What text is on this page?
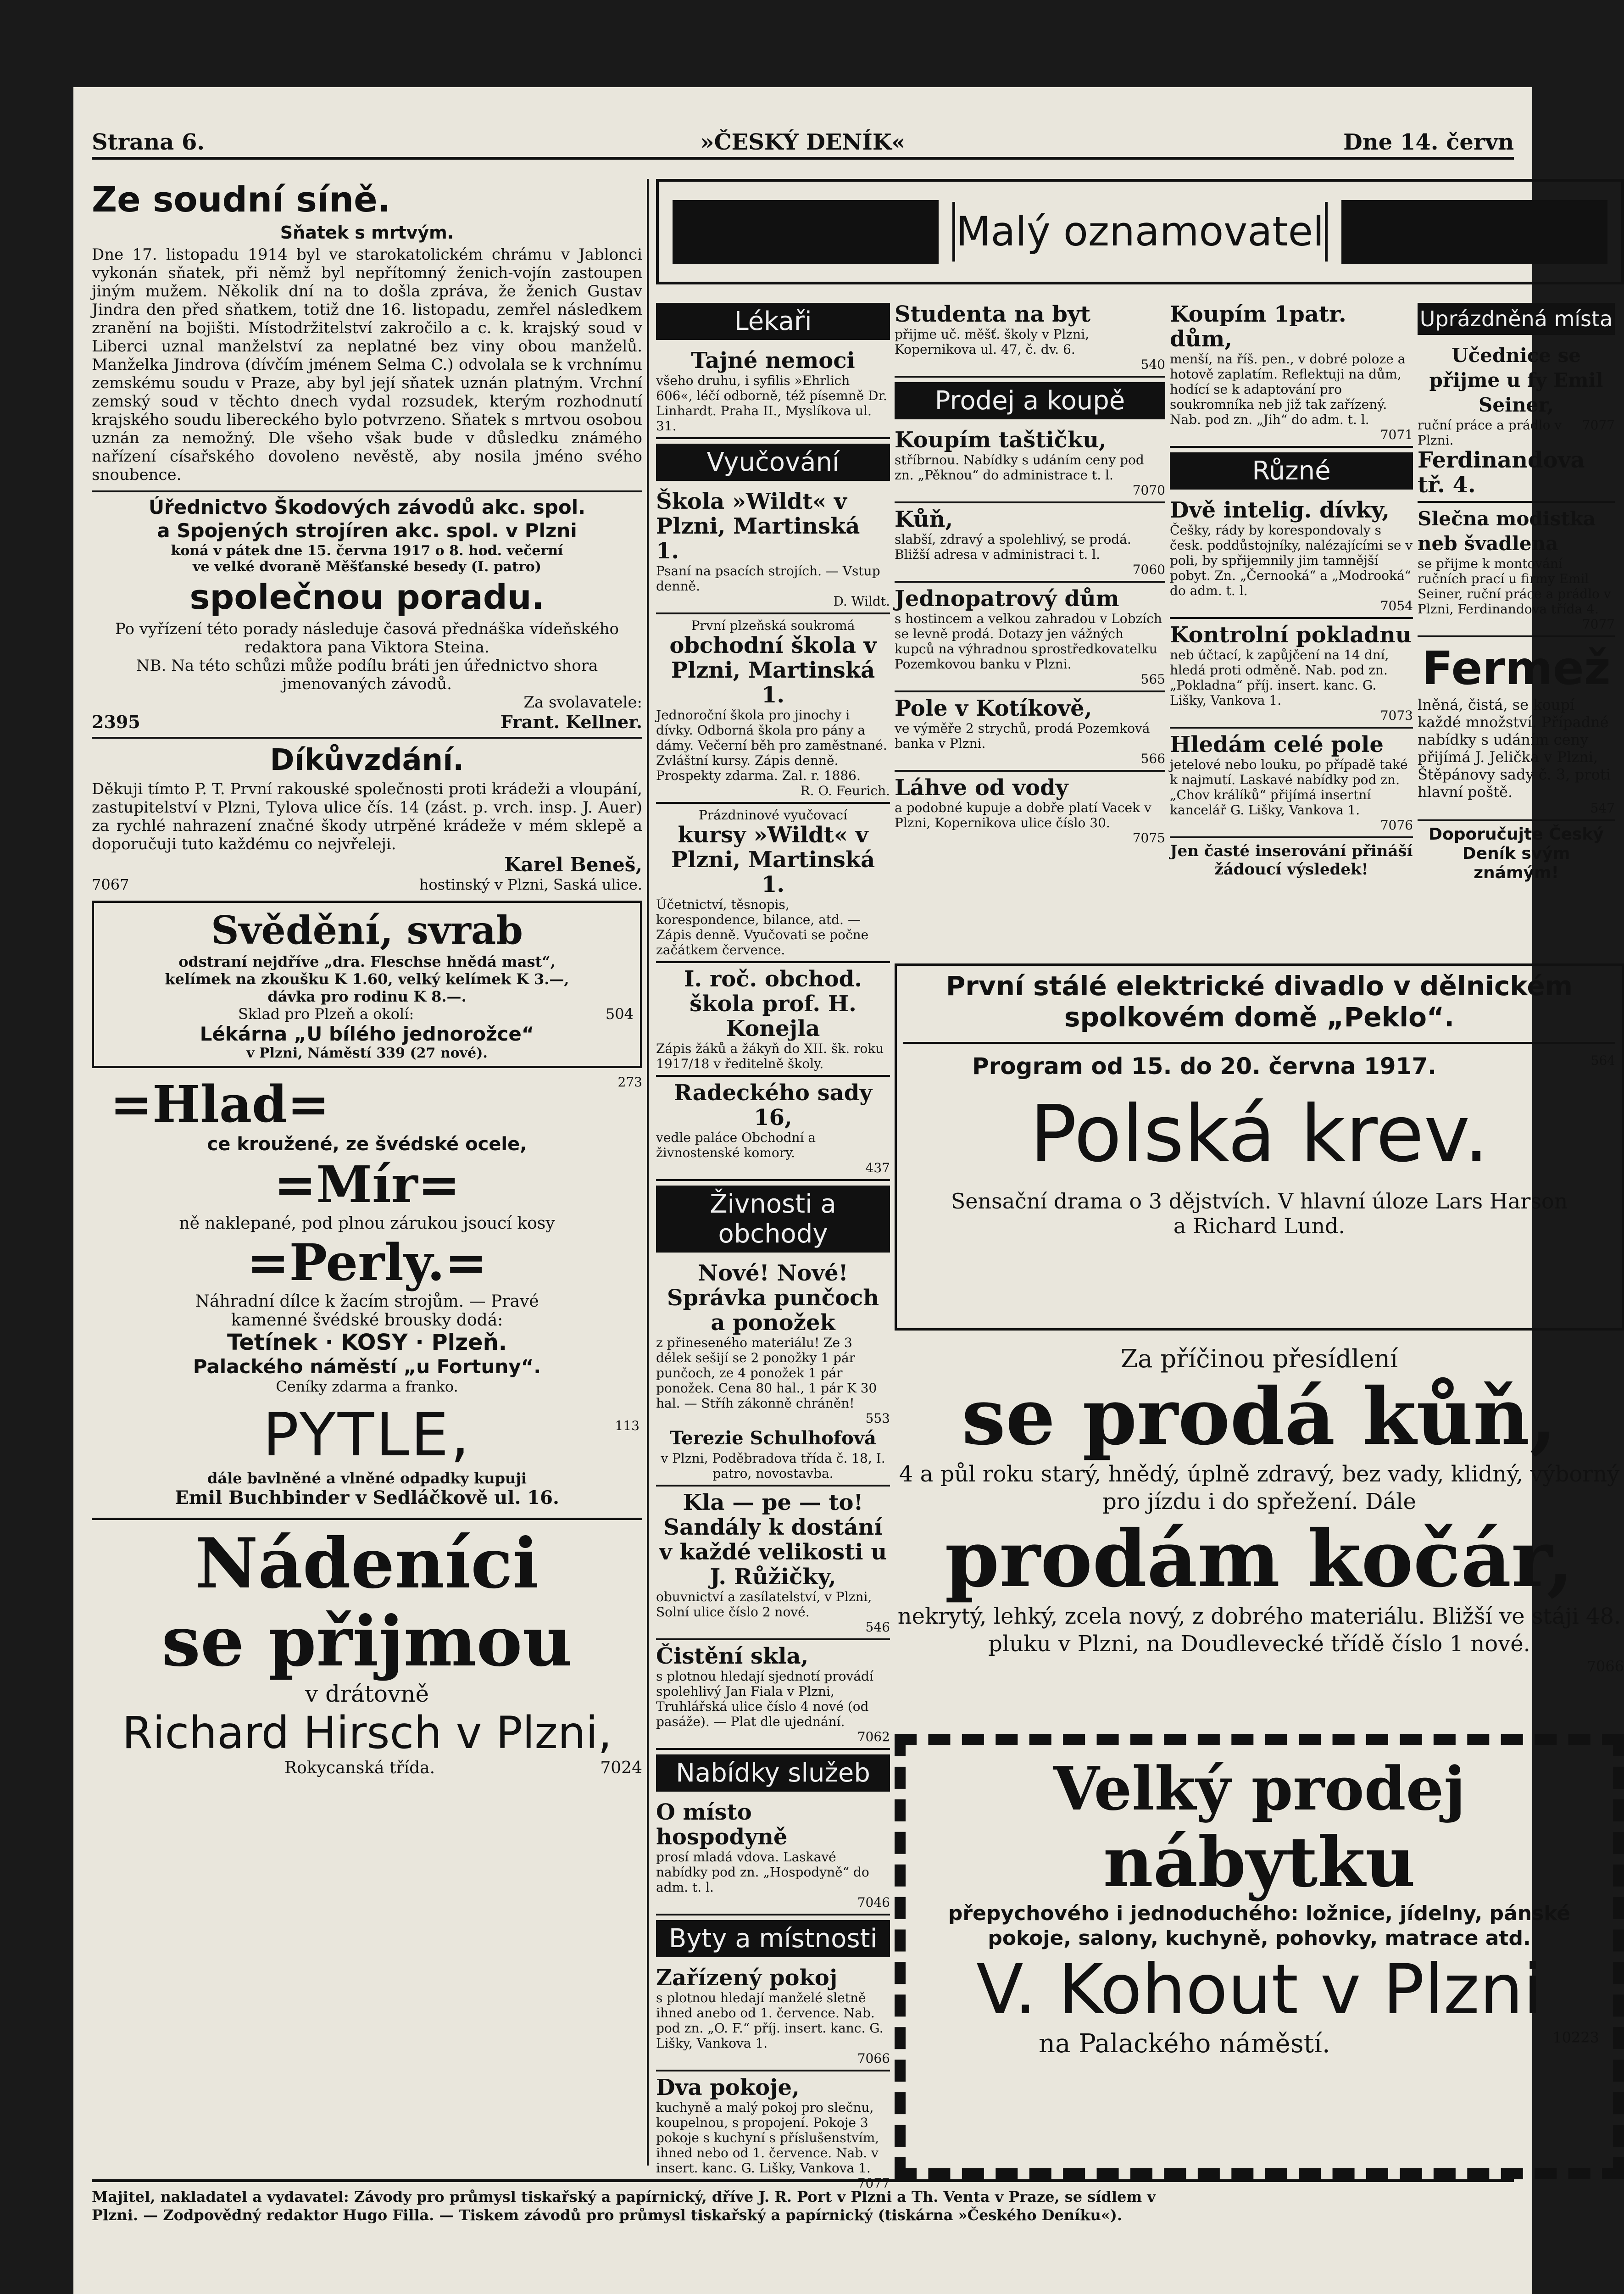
Strana 6.	»ČESKÝ DENÍK«	Dne 14. červn

Ze soudní síně.

Sňatek s mrtvým.

Dne 17. listopadu 1914 byl ve starokatolickém chrámu v Jablonci vykonán sňatek, při němž byl nepřítomný ženich-vojín zastoupen jiným mužem. Několik dní na to došla zpráva, že ženich Gustav Jindra den před sňatkem, totiž dne 16. listopadu, zemřel následkem zranění na bojišti. Místodržitelství zakročilo a c. k. krajský soud v Liberci uznal manželství za neplatné bez viny obou manželů. Manželka Jindrova (dívčím jménem Selma C.) odvolala se k vrchnímu zemskému soudu v Praze, aby byl její sňatek uznán platným. Vrchní zemský soud v těchto dnech vydal rozsudek, kterým rozhodnutí krajského soudu libereckého bylo potvrzeno. Sňatek s mrtvou osobou uznán za nemožný. Dle všeho však bude v důsledku známého nařízení císařského dovoleno nevěstě, aby nosila jméno svého snoubence.

Úřednictvo Škodových závodů akc. spol.

a Spojených strojíren akc. spol. v Plzni

koná v pátek dne 15. června 1917 o 8. hod. večerní

ve velké dvoraně Měšťanské besedy (I. patro)

společnou poradu.

Po vyřízení této porady následuje časová přednáška vídeňského redaktora pana Viktora Steina.

NB. Na této schůzi může podílu bráti jen úřednictvo shora jmenovaných závodů.

Za svolavatele:

2395	Frant. Kellner.

Díkůvzdání.

Děkuji tímto P. T. První rakouské společnosti proti krádeži a vloupání, zastupitelství v Plzni, Tylova ulice čís. 14 (zást. p. vrch. insp. J. Auer) za rychlé nahrazení značné škody utrpěné krádeže v mém sklepě a doporučuji tuto každému co nejvřeleji.

Karel Beneš,

7067	hostinský v Plzni, Saská ulice.

Svědění, svrab

odstraní nejdříve „dra. Fleschse hnědá mast“,

kelímek na zkoušku K 1.60, velký kelímek K 3.—,

dávka pro rodinu K 8.—.

Sklad pro Plzeň a okolí:	504

Lékárna „U bílého jednorožce“

v Plzni, Náměstí 339 (27 nové).

=Hlad=	273

ce kroužené, ze švédské ocele,

=Mír=

ně naklepané, pod plnou zárukou jsoucí kosy

=Perly.=

Náhradní dílce k žacím strojům. — Pravé

kamenné švédské brousky dodá:

Tetínek · KOSY · Plzeň.

Palackého náměstí „u Fortuny“.

Ceníky zdarma a franko.

PYTLE,	113

dále bavlněné a vlněné odpadky kupuji

Emil Buchbinder v Sedláčkově ul. 16.

Nádeníci

se přijmou

v drátovně

Richard Hirsch v Plzni,

Rokycanská třída.	7024
Malý oznamovatel
Lékaři

Tajné nemoci

všeho druhu, i syfilis »Ehrlich 606«, léčí odborně, též písemně Dr. Linhardt. Praha II., Myslíkova ul. 31.

Vyučování

Škola »Wildt« v Plzni, Martinská 1.

Psaní na psacích strojích. — Vstup denně.

D. Wildt.

První plzeňská soukromá

obchodní škola v Plzni, Martinská 1.

Jednoroční škola pro jinochy i dívky. Odborná škola pro pány a dámy. Večerní běh pro zaměstnané. Zvláštní kursy. Zápis denně. Prospekty zdarma. Zal. r. 1886.

R. O. Feurich.

Prázdninové vyučovací

kursy »Wildt« v Plzni, Martinská 1.

Účetnictví, těsnopis, korespondence, bilance, atd. — Zápis denně. Vyučovati se počne začátkem července.

I. roč. obchod. škola prof. H. Konejla

Zápis žáků a žákyň do XII. šk. roku 1917/18 v ředitelně školy.

Radeckého sady 16,

vedle paláce Obchodní a živnostenské komory.

437

Živnosti a obchody

Nové! Nové!

Správka punčoch a ponožek

z přineseného materiálu! Ze 3 délek sešijí se 2 ponožky 1 pár punčoch, ze 4 ponožek 1 pár ponožek. Cena 80 hal., 1 pár K 30 hal. — Stříh zákonně chráněn!

553

Terezie Schulhofová

v Plzni, Poděbradova třída č. 18, I. patro, novostavba.

Kla — pe — to! Sandály k dostání v každé velikosti u J. Růžičky,

obuvnictví a zasílatelství, v Plzni, Solní ulice číslo 2 nové.

546

Čistění skla,

s plotnou hledají sjednotí provádí spolehlivý Jan Fiala v Plzni, Truhlářská ulice číslo 4 nové (od pasáže). — Plat dle ujednání.

7062

Nabídky služeb

O místo hospodyně

prosí mladá vdova. Laskavé nabídky pod zn. „Hospodyně“ do adm. t. l.

7046

Byty a místnosti

Zařízený pokoj

s plotnou hledají manželé sletně ihned anebo od 1. července. Nab. pod zn. „O. F.“ příj. insert. kanc. G. Lišky, Vankova 1.

7066

Dva pokoje,

kuchyně a malý pokoj pro slečnu, koupelnou, s propojení. Pokoje 3 pokoje s kuchyní s příslušenstvím, ihned nebo od 1. července. Nab. v insert. kanc. G. Lišky, Vankova 1.

7077

Studenta na byt

přijme uč. měšť. školy v Plzni, Kopernikova ul. 47, č. dv. 6.

540

Prodej a koupě

Koupím taštičku,

stříbrnou. Nabídky s udáním ceny pod zn. „Pěknou“ do administrace t. l.

7070

Kůň,

slabší, zdravý a spolehlivý, se prodá. Bližší adresa v administraci t. l.

7060

Jednopatrový dům

s hostincem a velkou zahradou v Lobzích se levně prodá. Dotazy jen vážných kupců na výhradnou sprostředkovatelku Pozemkovou banku v Plzni.

565

Pole v Kotíkově,

ve výměře 2 strychů, prodá Pozemková banka v Plzni.

566

Láhve od vody

a podobné kupuje a dobře platí Vacek v Plzni, Kopernikova ulice číslo 30.

7075

Koupím 1patr. dům,

menší, na říš. pen., v dobré poloze a hotově zaplatím. Reflektuji na dům, hodící se k adaptování pro soukromníka neb již tak zařízený. Nab. pod zn. „Jih“ do adm. t. l.

7071

Různé

Dvě intelig. dívky,

Češky, rády by korespondovaly s česk. poddůstojníky, nalézajícími se v poli, by spřijemnily jim tamnější pobyt. Zn. „Černooká“ a „Modrooká“ do adm. t. l.

7054

Kontrolní pokladnu

neb účtací, k zapůjčení na 14 dní, hledá proti odměně. Nab. pod zn. „Pokladna“ příj. insert. kanc. G. Lišky, Vankova 1.

7073

Hledám celé pole

jetelové nebo louku, po případě také k najmutí. Laskavé nabídky pod zn. „Chov králíků“ přijímá insertní kancelář G. Lišky, Vankova 1.

7076

Jen časté inserování přináší žádoucí výsledek!

Uprázdněná místa

Učednice se přijme u fy Emil Seiner,

ruční práce a prádlo v Plzni.
7077

Ferdinandova tř. 4.

Slečna modistka neb švadlena

se přijme k montování ručních prací u firmy Emil Seiner, ruční práce a prádlo v Plzni, Ferdinandova třída 4.

7077

Fermež

lněná, čistá, se koupí každé množství. Případné nabídky s udáním ceny přijímá J. Jelička v Plzni, Štěpánovy sady č. 3, proti hlavní poště.

547

Doporučujte Český Deník svým známým!

První stálé elektrické divadlo v dělnickém

spolkovém domě „Peklo“.

Program od 15. do 20. června 1917.	564

Polská krev.

Sensační drama o 3 dějstvích. V hlavní úloze Lars Harson

a Richard Lund.

Za příčinou přesídlení

se prodá kůň,

4 a půl roku starý, hnědý, úplně zdravý, bez vady, klidný, výborný pro jízdu i do spřežení. Dále

prodám kočár,

nekrytý, lehký, zcela nový, z dobrého materiálu. Bližší ve stáji 48. pluku v Plzni, na Doudlevecké třídě číslo 1 nové.

7066

Velký prodej

nábytku

přepychového i jednoduchého: ložnice, jídelny, pánské pokoje, salony, kuchyně, pohovky, matrace atd.

V. Kohout v Plzni

na Palackého náměstí.	10223

Majitel, nakladatel a vydavatel: Závody pro průmysl tiskařský a papírnický, dříve J. R. Port v Plzni a Th. Venta v Praze, se sídlem v

Plzni. — Zodpovědný redaktor Hugo Filla. — Tiskem závodů pro průmysl tiskařský a papírnický (tiskárna »Českého Deníku«).
